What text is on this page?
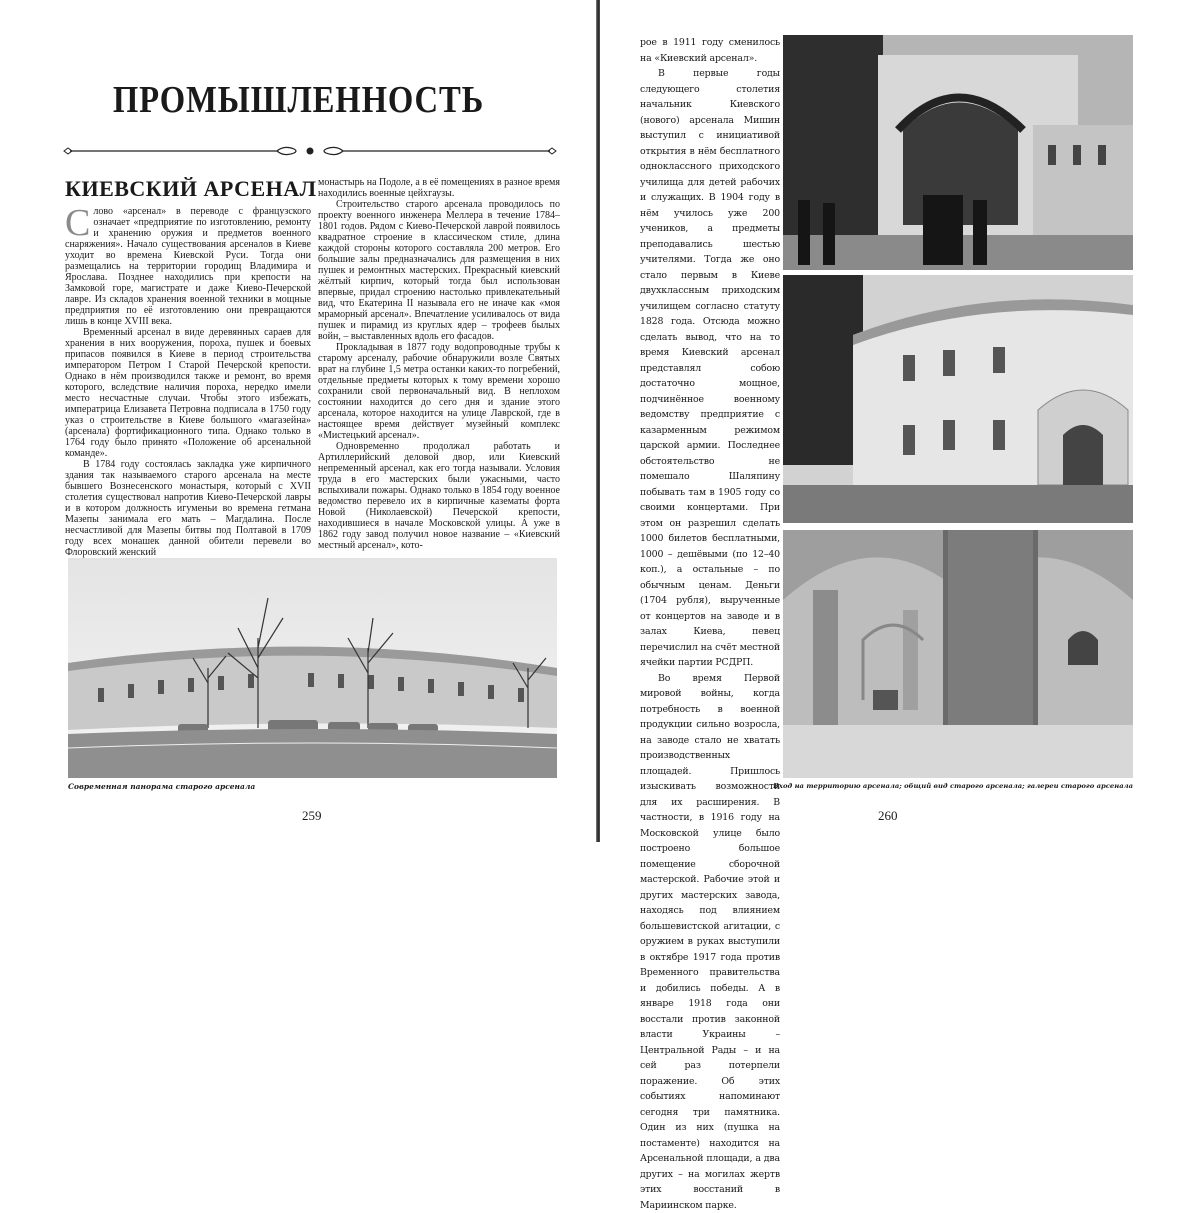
ПРОМЫШЛЕННОСТЬ
КИЕВСКИЙ АРСЕНАЛ

Слово «арсенал» в переводе с французского означает «предприятие по изготовлению, ремонту и хранению оружия и предметов военного снаряжения». Начало существования арсеналов в Киеве уходит во времена Киевской Руси. Тогда они размещались на территории городищ Владимира и Ярослава. Позднее находились при крепости на Замковой горе, магистрате и даже Киево-Печерской лавре. Из складов хранения военной техники в мощные предприятия по её изготовлению они превращаются лишь в конце XVIII века.

Временный арсенал в виде деревянных сараев для хранения в них вооружения, пороха, пушек и боевых припасов появился в Киеве в период строительства императором Петром I Старой Печерской крепости. Однако в нём производился также и ремонт, во время которого, вследствие наличия пороха, нередко имели место несчастные случаи. Чтобы этого избежать, императрица Елизавета Петровна подписала в 1750 году указ о строительстве в Киеве большого «магазейна» (арсенала) фортификационного типа. Однако только в 1764 году было принято «Положение об арсенальной команде».

В 1784 году состоялась закладка уже кирпичного здания так называемого старого арсенала на месте бывшего Вознесенского монастыря, который с XVII столетия существовал напротив Киево-Печерской лавры и в котором должность игуменьи во времена гетмана Мазепы занимала его мать – Магдалина. После несчастливой для Мазепы битвы под Полтавой в 1709 году всех монашек данной обители перевели во Флоровский женский

монастырь на Подоле, а в её помещениях в разное время находились военные цейхгаузы.

Строительство старого арсенала проводилось по проекту военного инженера Меллера в течение 1784–1801 годов. Рядом с Киево-Печерской лаврой появилось квадратное строение в классическом стиле, длина каждой стороны которого составляла 200 метров. Его большие залы предназначались для размещения в них пушек и ремонтных мастерских. Прекрасный киевский жёлтый кирпич, который тогда был использован впервые, придал строению настолько привлекательный вид, что Екатерина II называла его не иначе как «моя мраморный арсенал». Впечатление усиливалось от вида пушек и пирамид из круглых ядер – трофеев былых войн, – выставленных вдоль его фасадов.

Прокладывая в 1877 году водопроводные трубы к старому арсеналу, рабочие обнаружили возле Святых врат на глубине 1,5 метра останки каких-то погребений, отдельные предметы которых к тому времени хорошо сохранили свой первоначальный вид. В неплохом состоянии находится до сего дня и здание этого арсенала, которое находится на улице Лаврской, где в настоящее время действует музейный комплекс «Мистецький арсенал».

Одновременно продолжал работать и Артиллерийский деловой двор, или Киевский непременный арсенал, как его тогда называли. Условия труда в его мастерских были ужасными, часто вспыхивали пожары. Однако только в 1854 году военное ведомство перевело их в кирпичные казематы форта Новой (Николаевской) Печерской крепости, находившиеся в начале Московской улицы. А уже в 1862 году завод получил новое название – «Киевский местный арсенал», кото-

Современная панорама старого арсенала
259

рое в 1911 году сменилось на «Киевский арсенал».

В первые годы следующего столетия начальник Киевского (нового) арсенала Мишин выступил с инициативой открытия в нём бесплатного одноклассного приходского училища для детей рабочих и служащих. В 1904 году в нём училось уже 200 учеников, а предметы преподавались шестью учителями. Тогда же оно стало первым в Киеве двухклассным приходским училищем согласно статуту 1828 года. Отсюда можно сделать вывод, что на то время Киевский арсенал представлял собою достаточно мощное, подчинённое военному ведомству предприятие с казарменным режимом царской армии. Последнее обстоятельство не помешало Шаляпину побывать там в 1905 году со своими концертами. При этом он разрешил сделать 1000 билетов бесплатными, 1000 – дешёвыми (по 12–40 коп.), а остальные – по обычным ценам. Деньги (1704 рубля), вырученные от концертов на заводе и в залах Киева, певец перечислил на счёт местной ячейки партии РСДРП.

Во время Первой мировой войны, когда потребность в военной продукции сильно возросла, на заводе стало не хватать производственных площадей. Пришлось изыскивать возможности для их расширения. В частности, в 1916 году на Московской улице было построено большое помещение сборочной мастерской. Рабочие этой и других мастерских завода, находясь под влиянием большевистской агитации, с оружием в руках выступили в октябре 1917 года против Временного правительства и добились победы. А в январе 1918 года они восстали против законной власти Украины – Центральной Рады – и на сей раз потерпели поражение. Об этих событиях напоминают сегодня три памятника. Один из них (пушка на постаменте) находится на Арсенальной площади, а два других – на могилах жертв этих восстаний в Мариинском парке.

Вход на территорию арсенала; общий вид старого арсенала; галереи старого арсенала
260
